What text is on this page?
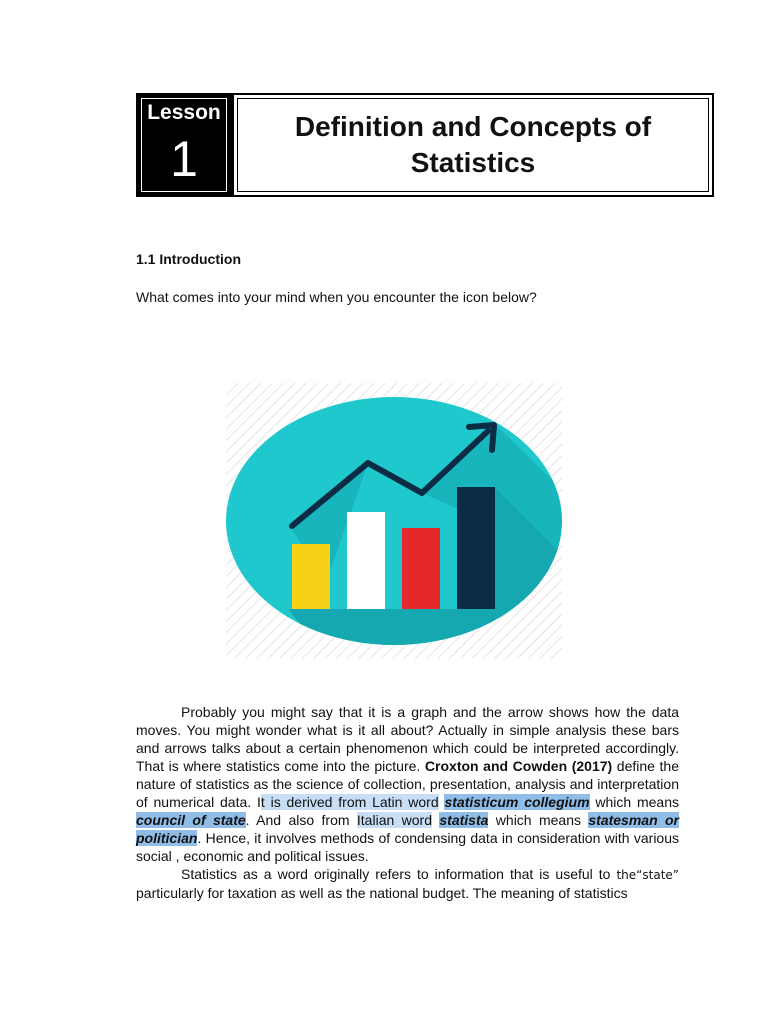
Lesson
1
Definition and Concepts of
Statistics
1.1 Introduction
What comes into your mind when you encounter the icon below?

Probably you might say that it is a graph and the arrow shows how the data moves. You might wonder what is it all about? Actually in simple analysis these bars and arrows talks about a certain phenomenon which could be interpreted accordingly. That is where statistics come into the picture. Croxton and Cowden (2017) define the nature of statistics as the science of collection, presentation, analysis and interpretation of numerical data. It is derived from Latin word statisticum collegium which means council of state. And also from Italian word statista which means statesman or politician. Hence, it involves methods of condensing data in consideration with various social , economic and political issues.

Statistics as a word originally refers to information that is useful to the“state” particularly for taxation as well as the national budget. The meaning of statistics
